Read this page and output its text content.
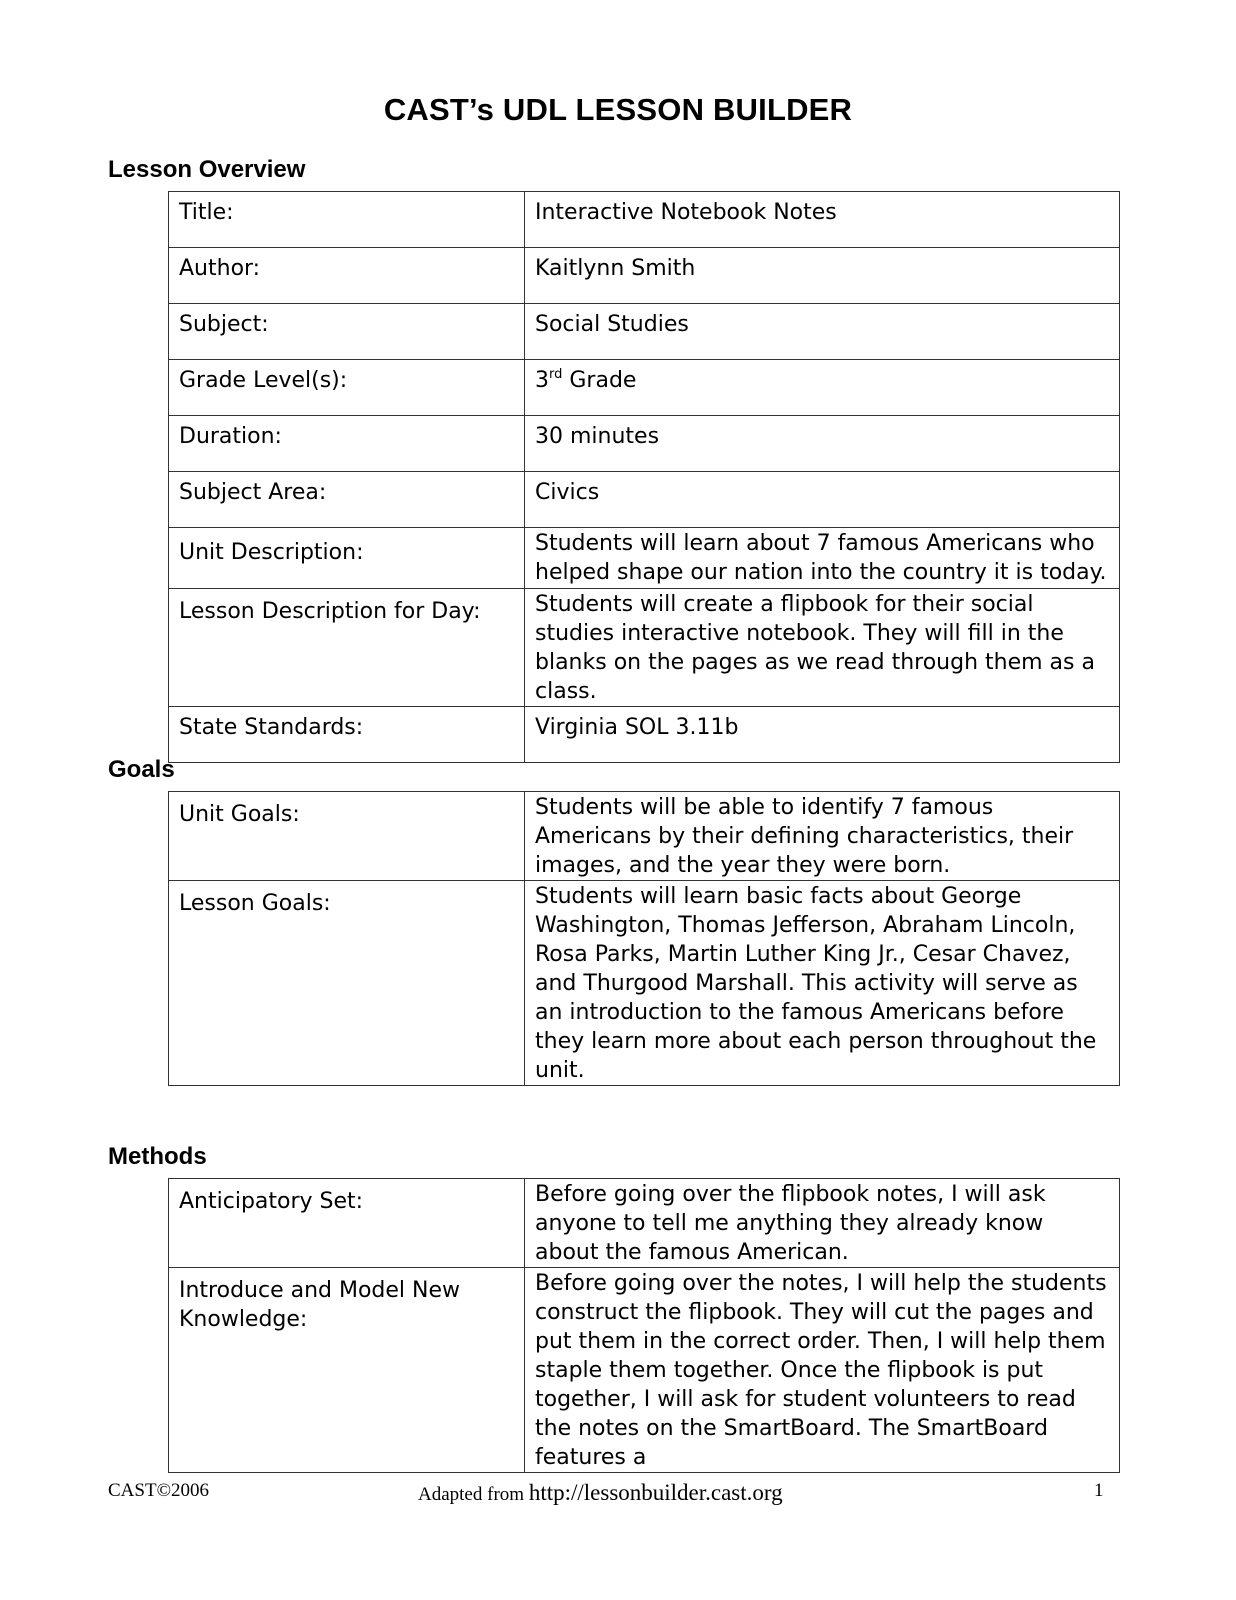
CAST’s UDL LESSON BUILDER
Lesson Overview
Title:	Interactive Notebook Notes
Author:	Kaitlynn Smith
Subject:	Social Studies
Grade Level(s):	3rd Grade
Duration:	30 minutes
Subject Area:	Civics
Unit Description:	Students will learn about 7 famous Americans who helped shape our nation into the country it is today.
Lesson Description for Day:	Students will create a flipbook for their social studies interactive notebook. They will fill in the blanks on the pages as we read through them as a class.
State Standards:	Virginia SOL 3.11b
Goals
Unit Goals:	Students will be able to identify 7 famous Americans by their defining characteristics, their images, and the year they were born.
Lesson Goals:	Students will learn basic facts about George Washington, Thomas Jefferson, Abraham Lincoln, Rosa Parks, Martin Luther King Jr., Cesar Chavez, and Thurgood Marshall. This activity will serve as an introduction to the famous Americans before they learn more about each person throughout the unit.
Methods
Anticipatory Set:	Before going over the flipbook notes, I will ask anyone to tell me anything they already know about the famous American.
Introduce and Model New Knowledge:	Before going over the notes, I will help the students construct the flipbook. They will cut the pages and put them in the correct order. Then, I will help them staple them together. Once the flipbook is put together, I will ask for student volunteers to read the notes on the SmartBoard. The SmartBoard features a
CAST©2006	Adapted from http://lessonbuilder.cast.org	1
